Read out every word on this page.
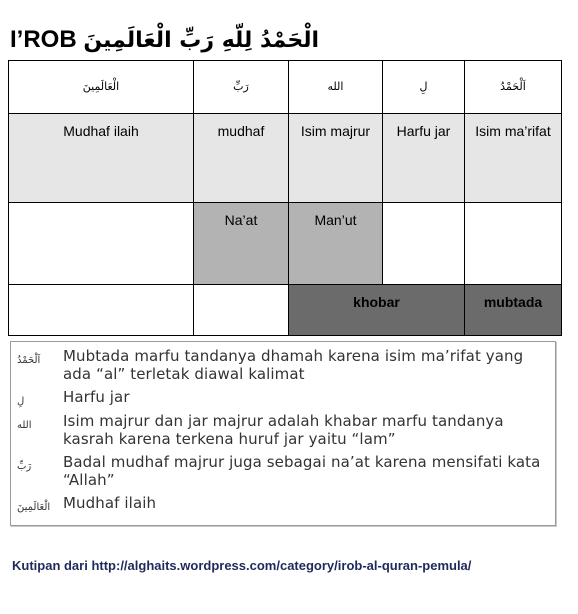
I’ROB الْحَمْدُ لِلّهِ رَبِّ الْعَالَمِينَ
الْعَالَمِينَ	رَبِّ	الله	لِ	اَلْحَمْدُ
Mudhaf ilaih	mudhaf	Isim majrur	Harfu jar	Isim ma’rifat
	Na’at	Man’ut		
		khobar		mubtada
اَلْحَمْدُ	Mubtada marfu tandanya dhamah karena isim ma’rifat yang ada “al” terletak diawal kalimat
لِ	Harfu jar
الله	Isim majrur dan jar majrur adalah khabar marfu tandanya kasrah karena terkena huruf jar yaitu “lam”
رَبِّ	Badal mudhaf majrur juga sebagai na’at karena mensifati kata “Allah”
الْعَالَمِينَ Mudhaf ilaih
Kutipan dari http://alghaits.wordpress.com/category/irob-al-quran-pemula/
